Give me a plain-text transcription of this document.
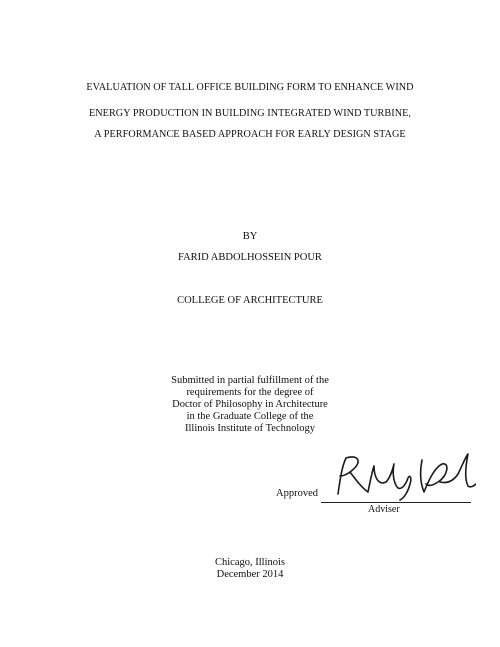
EVALUATION OF TALL OFFICE BUILDING FORM TO ENHANCE WIND
ENERGY PRODUCTION IN BUILDING INTEGRATED WIND TURBINE,
A PERFORMANCE BASED APPROACH FOR EARLY DESIGN STAGE
BY
FARID ABDOLHOSSEIN POUR
COLLEGE OF ARCHITECTURE
Submitted in partial fulfillment of the
requirements for the degree of
Doctor of Philosophy in Architecture
in the Graduate College of the
Illinois Institute of Technology
Approved
Adviser
Chicago, Illinois
December 2014
